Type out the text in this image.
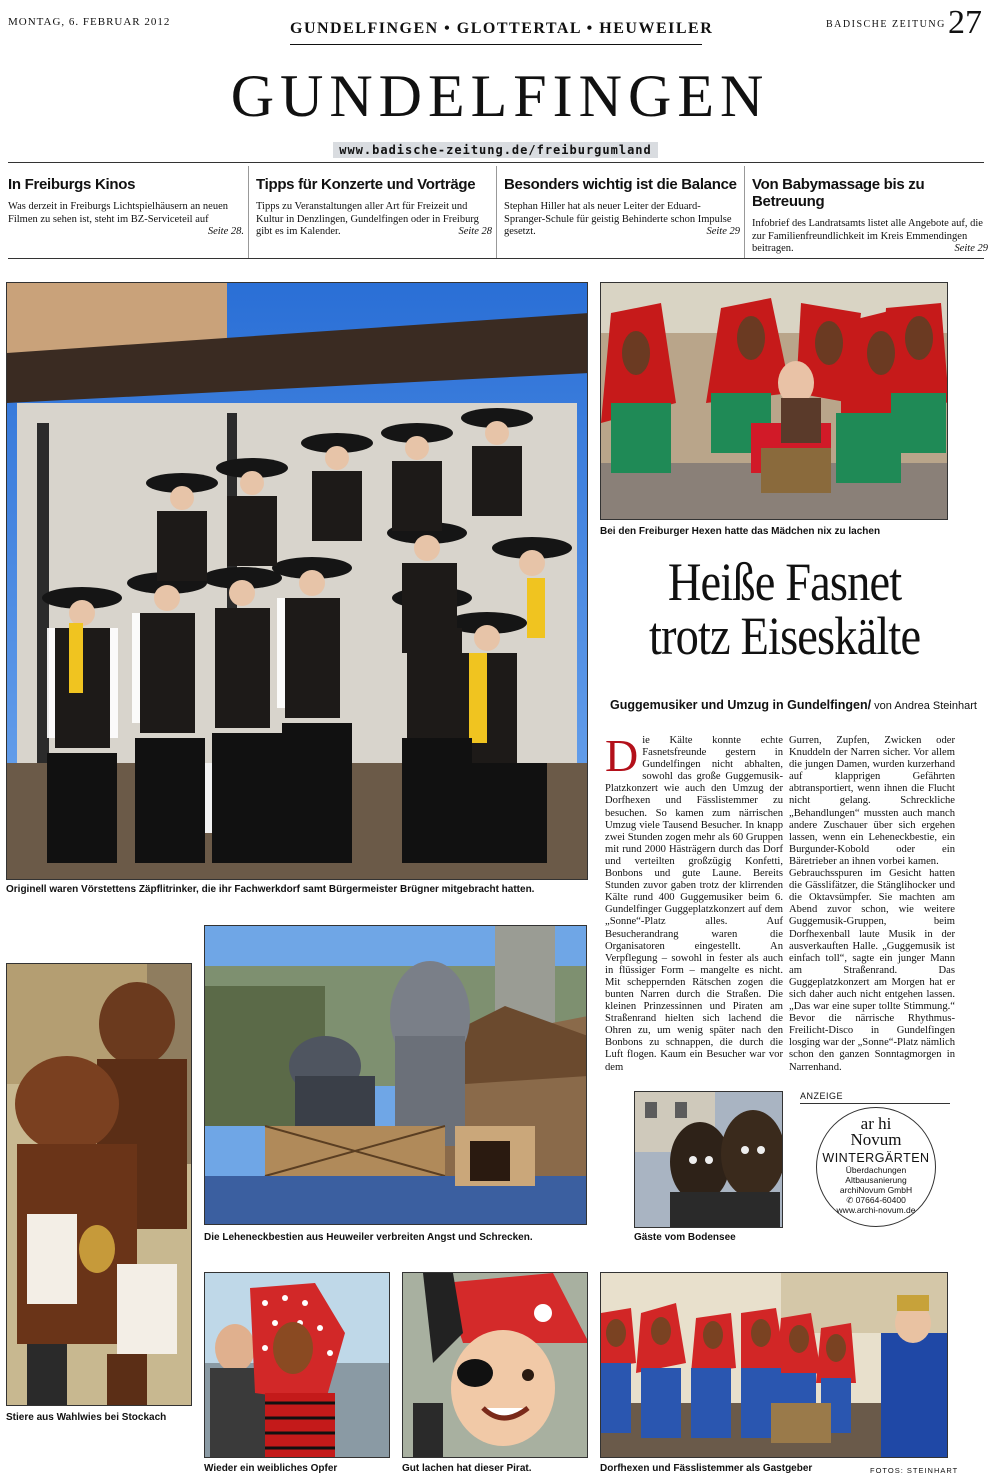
MONTAG, 6. FEBRUAR 2012	GUNDELFINGEN • GLOTTERTAL • HEUWEILER	BADISCHE ZEITUNG 27
GUNDELFINGEN
www.badische-zeitung.de/freiburgumland
In Freiburgs Kinos

Was derzeit in Freiburgs Lichtspielhäusern an neuen Filmen zu sehen ist, steht im BZ-Serviceteil auf
Seite 28.

Tipps für Konzerte und Vorträge

Tipps zu Veranstaltungen aller Art für Freizeit und Kultur in Denzlingen, Gundelfingen oder in Freiburg gibt es im Kalender.	Seite 28

Besonders wichtig ist die Balance

Stephan Hiller hat als neuer Leiter der Eduard-Spranger-Schule für geistig Behinderte schon Impulse gesetzt.	Seite 29

Von Babymassage bis zu Betreuung

Infobrief des Landratsamts listet alle Angebote auf, die zur Familienfreundlichkeit im Kreis Emmendingen beitragen.	Seite 29

Originell waren Vörstettens Zäpflitrinker, die ihr Fachwerkdorf samt Bürgermeister Brügner mitgebracht hatten.
Bei den Freiburger Hexen hatte das Mädchen nix zu lachen
Heiße Fasnet
trotz Eiseskälte
Guggemusiker und Umzug in Gundelfingen/ von Andrea Steinhart

Die Kälte konnte echte Fasnetsfreunde gestern in Gundelfingen nicht abhalten, sowohl das große Guggemusik-Platzkonzert wie auch den Umzug der Dorfhexen und Fässlistemmer zu besuchen. So kamen zum närrischen Umzug viele Tausend Besucher. In knapp zwei Stunden zogen mehr als 60 Gruppen mit rund 2000 Hästrägern durch das Dorf und verteilten großzügig Konfetti, Bonbons und gute Laune. Bereits Stunden zuvor gaben trotz der klirrenden Kälte rund 400 Guggemusiker beim 6. Gundelfinger Guggeplatzkonzert auf dem „Sonne“-Platz alles. Auf Besucherandrang waren die Organisatoren eingestellt. An Verpflegung – sowohl in fester als auch in flüssiger Form – mangelte es nicht. Mit scheppernden Rätschen zogen die bunten Narren durch die Straßen. Die kleinen Prinzessinnen und Piraten am Straßenrand hielten sich lachend die Ohren zu, um wenig später nach den Bonbons zu schnappen, die durch die Luft flogen. Kaum ein Besucher war vor dem

Gurren, Zupfen, Zwicken oder Knuddeln der Narren sicher. Vor allem die jungen Damen, wurden kurzerhand auf klapprigen Gefährten abtransportiert, wenn ihnen die Flucht nicht gelang. Schreckliche „Behandlungen“ mussten auch manch andere Zuschauer über sich ergehen lassen, wenn ein Leheneckbestie, ein Burgunder-Kobold oder ein Bäretrieber an ihnen vorbei kamen.

Gebrauchsspuren im Gesicht hatten die Gässlifätzer, die Stänglihocker und die Oktavsümpfer. Sie machten am Abend zuvor schon, wie weitere Guggemusik-Gruppen, beim Dorfhexenball laute Musik in der ausverkauften Halle. „Guggemusik ist einfach toll“, sagte ein junger Mann am Straßenrand. Das Guggeplatzkonzert am Morgen hat er sich daher auch nicht entgehen lassen. „Das war eine super tollte Stimmung.“ Bevor die närrische Rhythmus-Freilicht-Disco in Gundelfingen losging war der „Sonne“-Platz nämlich schon den ganzen Sonntagmorgen in Narrenhand.

Stiere aus Wahlwies bei Stockach
Die Leheneckbestien aus Heuweiler verbreiten Angst und Schrecken.	Gäste vom Bodensee
ANZEIGE
ar hi
Novum
WINTERGÄRTEN
Überdachungen
Altbausanierung
archiNovum GmbH
✆ 07664-60400
www.archi-novum.de
Wieder ein weibliches Opfer	Gut lachen hat dieser Pirat.	Dorfhexen und Fässlistemmer als Gastgeber	FOTOS: STEINHART
